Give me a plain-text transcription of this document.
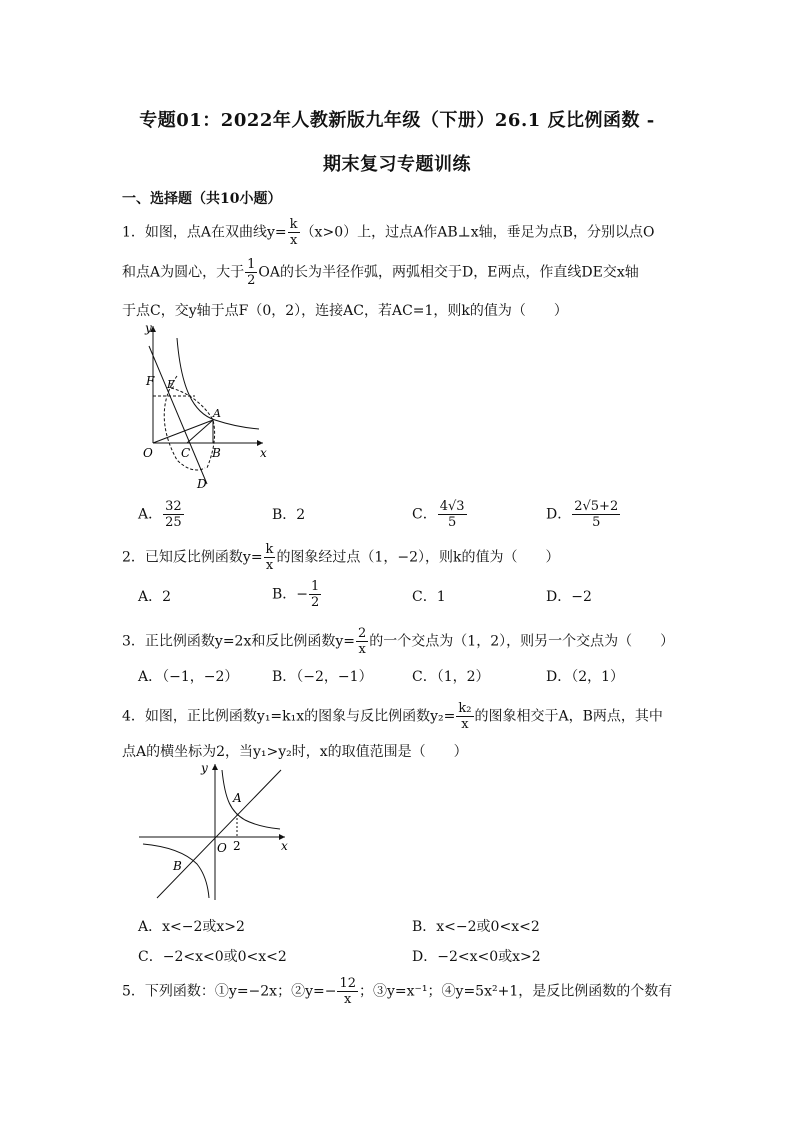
专题01：2022年人教新版九年级（下册）26.1 反比例函数 -
期末复习专题训练
一、选择题（共10小题）
1．如图，点A在双曲线$y= \frac{k}{x} (x>0)$上，过点A作AB⊥x轴，垂足为点B，分别以点O
和点A为圆心，大于 $\frac{1}{2}$ OA的长为半径作弧，两弧相交于D，E两点，作直线DE交x轴
于点C，交y轴于点F（0，2），连接AC，若AC=1，则k的值为（　　）
y
x
O
F E
A
C B
D
A． $\frac{32}{25}$	B．2	C． $\frac{4√3}{5}$	D． $\frac{2√5+2}{5}$
2．已知反比例函数$y= \frac{k}{x}$ 的图象经过点（1，−2），则k的值为（　　）
A．2	B．− $\frac{1}{2}$	C．1	D．−2
3．正比例函数y=2x和反比例函数$y= \frac{2}{x}$ 的一个交点为（1，2），则另一个交点为（　　）
A．（−1，−2） B．（−2，−1）	C．（1，2）	D．（2，1）
4．如图，正比例函数y₁=k₁x的图象与反比例函数$y_2= \frac{\text{k₂}}{x}$ 的图象相交于A，B两点，其中
点A的横坐标为2，当y₁>y₂时，x的取值范围是（　　）
y
x
O 2
A
B
A．x<−2或x>2	B．x<−2或0<x<2
C．−2<x<0或0<x<2	D．−2<x<0或x>2
5．下列函数：①y=−2x；②y=− $\frac{12}{x}$ ；③y=x⁻¹；④y=5x²+1，是反比例函数的个数有
